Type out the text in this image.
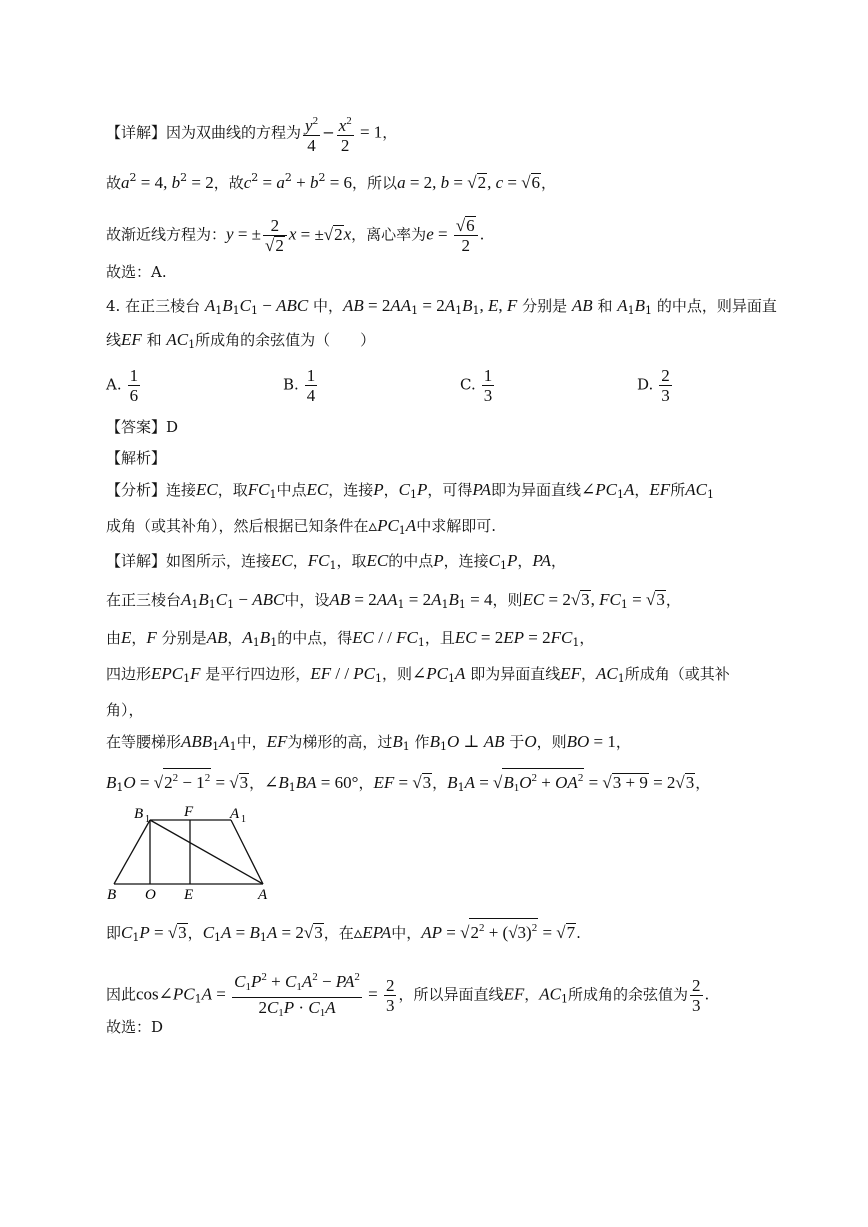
【详解】因为双曲线的方程为 $\frac{y^2}{4} - \frac{x^2}{2} = 1$，
故$a^2 = 4$, $b^2 = 2$，故$c^2 = a^2 + b^2 = 6$，所以a = 2, b = √2, c = √6，
故渐近线方程为：y = ± $\frac{2}{√2}$ x = ±√2x，离心率为$e = \frac{√6}{2}$ .
故选：A.
4. 在正三棱台 $A_1B_1C_1$ − ABC 中，AB = $2AA_1 = 2A_1B_1$, E, F 分别是 AB 和 $A_1B_1$ 的中点，则异面直
线EF 和 $AC_1$所成角的余弦值为（　　）
A. $\frac{1}{6}$	B. $\frac{1}{4}$	C. $\frac{1}{3}$	D. $\frac{2}{3}$
【答案】D
【解析】
【分析】连接EC，取$FC_1$中点EC，连接P，$C_1P$，可得PA即为异面直线$\angle PC_1A$，EF所$AC_1$
成角（或其补角），然后根据已知条件在$▵PC_1A$中求解即可.
【详解】如图所示，连接EC，$FC_1$，取EC的中点P，连接$C_1P$，PA，
在正三棱台$A_1B_1C_1$ − ABC中，设AB = $2AA_1 = 2A_1B_1 = 4$，则EC = 2√3, $FC_1 = √3$，
由E，F 分别是AB，$A_1B_1$的中点，得EC / / $FC_1$，且EC = $2EP = 2FC_1$，
四边形$EPC_1F$ 是平行四边形，EF / / $PC_1$，则$\angle PC_1A$ 即为异面直线EF，$AC_1$所成角（或其补
角），
在等腰梯形$ABB_1A_1$中，EF为梯形的高，过$B_1$ 作$B_1O$ ⊥ AB 于O，则BO = 1，
$B_1O = √2^2 - 1^2 = √3$，$\angle B_1BA = 60^\circ$，EF = √3，$B_1A = √B_1O^2 + OA^2 = √3 + 9 = 2√3$，
B 1 F A 1
B O E	A
即$C_1P = √3$，$C_1A = B_1A = 2√3$，在▵EPA中，AP = $√2^2 + (√3)^2 = √7$.
因此$\cos\angle PC_1A = \frac{C_1P^2 + C_1A^2 - PA^2}{2C_1P \cdot C_1A} = \frac{2}{3}$ ，所以异面直线EF，$AC_1$所成角的余弦值为 $\frac{2}{3}$ .
故选：D
